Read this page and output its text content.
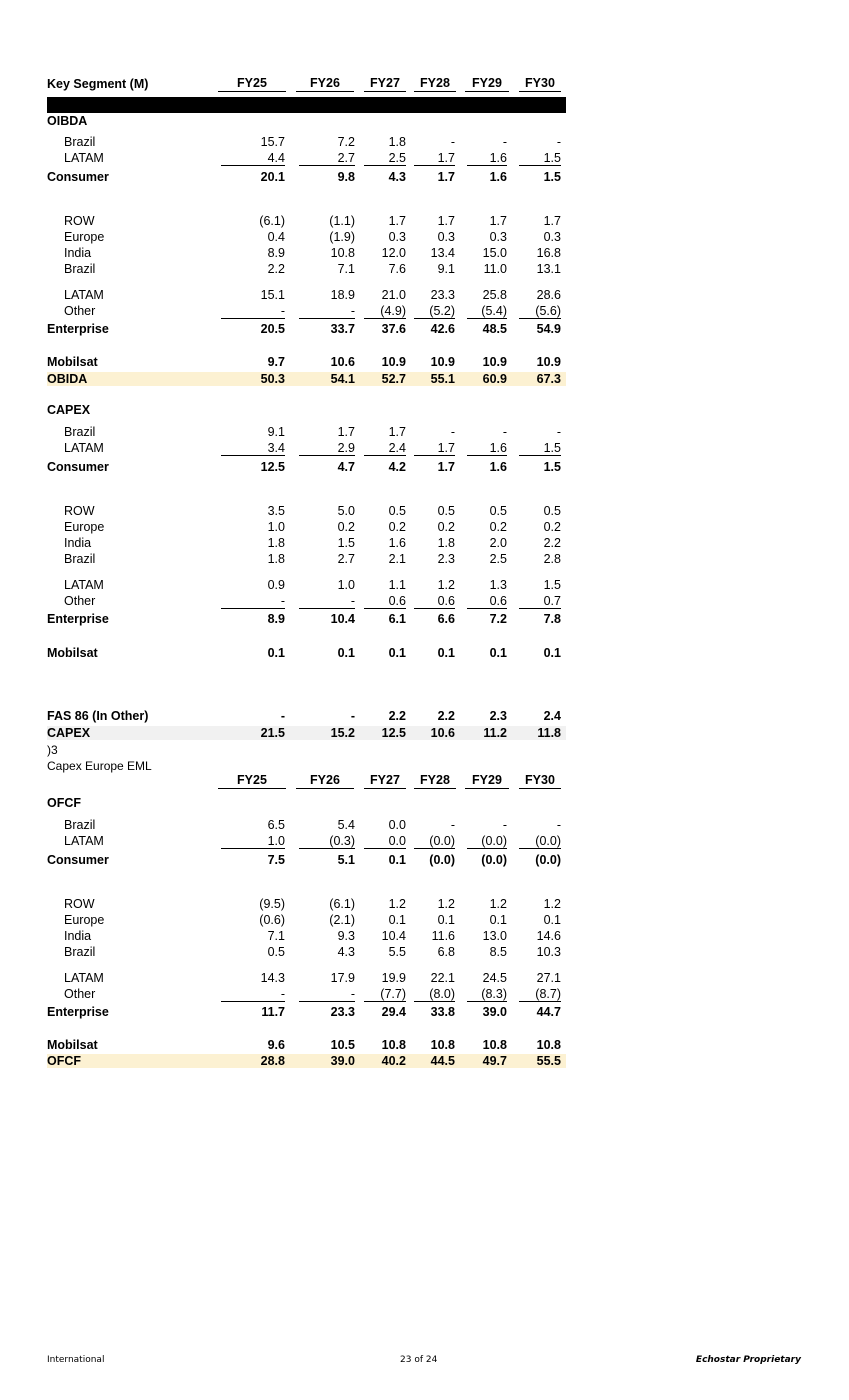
Key Segment (M)	FY25	FY26	FY27	FY28	FY29	FY30
OIBDA
Brazil	15.7	7.2	1.8	-	-	-
LATAM	4.4	2.7	2.5	1.7	1.6	1.5
Consumer	20.1	9.8	4.3	1.7	1.6	1.5
ROW	(6.1)	(1.1)	1.7	1.7	1.7	1.7
Europe	0.4	(1.9)	0.3	0.3	0.3	0.3
India	8.9	10.8	12.0	13.4	15.0	16.8
Brazil	2.2	7.1	7.6	9.1	11.0	13.1
LATAM	15.1	18.9	21.0	23.3	25.8	28.6
Other	-	-	(4.9)	(5.2)	(5.4)	(5.6)
Enterprise	20.5	33.7	37.6	42.6	48.5	54.9
Mobilsat	9.7	10.6	10.9	10.9	10.9	10.9
OBIDA	50.3	54.1	52.7	55.1	60.9	67.3
CAPEX
Brazil	9.1	1.7	1.7	-	-	-
LATAM	3.4	2.9	2.4	1.7	1.6	1.5
Consumer	12.5	4.7	4.2	1.7	1.6	1.5
ROW	3.5	5.0	0.5	0.5	0.5	0.5
Europe	1.0	0.2	0.2	0.2	0.2	0.2
India	1.8	1.5	1.6	1.8	2.0	2.2
Brazil	1.8	2.7	2.1	2.3	2.5	2.8
LATAM	0.9	1.0	1.1	1.2	1.3	1.5
Other	-	-	0.6	0.6	0.6	0.7
Enterprise	8.9	10.4	6.1	6.6	7.2	7.8
Mobilsat	0.1	0.1	0.1	0.1	0.1	0.1
FAS 86 (In Other)	-	-	2.2	2.2	2.3	2.4
CAPEX	21.5	15.2	12.5	10.6	11.2	11.8
)3
Capex Europe EML
FY25	FY26	FY27	FY28	FY29	FY30
OFCF
Brazil	6.5	5.4	0.0	-	-	-
LATAM	1.0	(0.3)	0.0	(0.0)	(0.0)	(0.0)
Consumer	7.5	5.1	0.1	(0.0)	(0.0)	(0.0)
ROW	(9.5)	(6.1)	1.2	1.2	1.2	1.2
Europe	(0.6)	(2.1)	0.1	0.1	0.1	0.1
India	7.1	9.3	10.4	11.6	13.0	14.6
Brazil	0.5	4.3	5.5	6.8	8.5	10.3
LATAM	14.3	17.9	19.9	22.1	24.5	27.1
Other	-	-	(7.7)	(8.0)	(8.3)	(8.7)
Enterprise	11.7	23.3	29.4	33.8	39.0	44.7
Mobilsat	9.6	10.5	10.8	10.8	10.8	10.8
OFCF	28.8	39.0	40.2	44.5	49.7	55.5
International	23 of 24	Echostar Proprietary
